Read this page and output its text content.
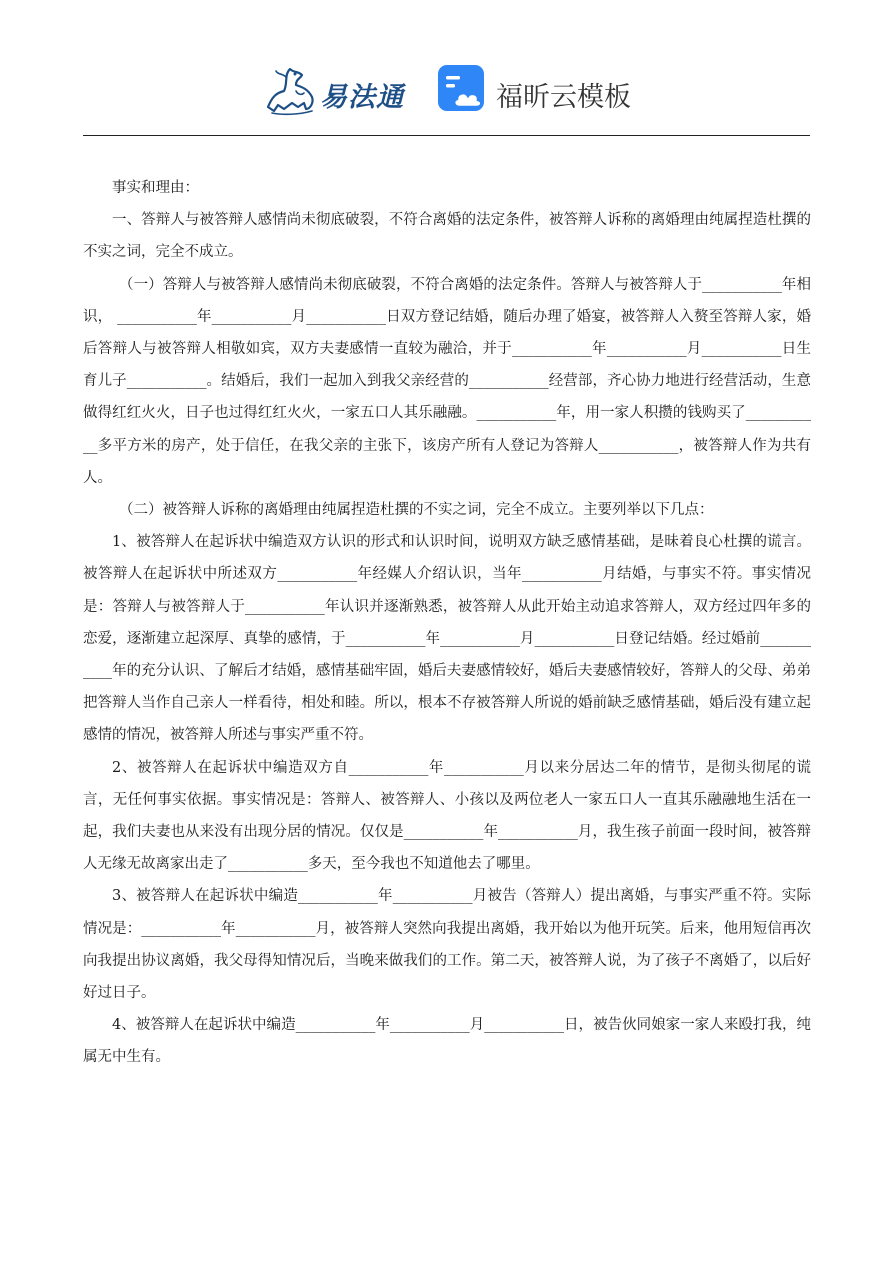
易法通	福昕云模板

事实和理由：

一、答辩人与被答辩人感情尚未彻底破裂，不符合离婚的法定条件，被答辩人诉称的离婚理由纯属捏造杜撰的不实之词，完全不成立。

（一）答辩人与被答辩人感情尚未彻底破裂，不符合离婚的法定条件。答辩人与被答辩人于___________年相识， ___________年___________月___________日双方登记结婚，随后办理了婚宴，被答辩人入赘至答辩人家，婚后答辩人与被答辩人相敬如宾，双方夫妻感情一直较为融洽，并于___________年___________月___________日生育儿子___________。结婚后，我们一起加入到我父亲经营的___________经营部，齐心协力地进行经营活动，生意做得红红火火，日子也过得红红火火，一家五口人其乐融融。___________年，用一家人积攒的钱购买了___________多平方米的房产，处于信任，在我父亲的主张下，该房产所有人登记为答辩人___________，被答辩人作为共有人。

（二）被答辩人诉称的离婚理由纯属捏造杜撰的不实之词，完全不成立。主要列举以下几点：

1、被答辩人在起诉状中编造双方认识的形式和认识时间，说明双方缺乏感情基础，是昧着良心杜撰的谎言。被答辩人在起诉状中所述双方___________年经媒人介绍认识，当年___________月结婚，与事实不符。事实情况是：答辩人与被答辩人于___________年认识并逐渐熟悉，被答辩人从此开始主动追求答辩人，双方经过四年多的恋爱，逐渐建立起深厚、真挚的感情，于___________年___________月___________日登记结婚。经过婚前___________年的充分认识、了解后才结婚，感情基础牢固，婚后夫妻感情较好，婚后夫妻感情较好，答辩人的父母、弟弟把答辩人当作自己亲人一样看待，相处和睦。所以，根本不存被答辩人所说的婚前缺乏感情基础，婚后没有建立起感情的情况，被答辩人所述与事实严重不符。

2、被答辩人在起诉状中编造双方自___________年___________月以来分居达二年的情节，是彻头彻尾的谎言，无任何事实依据。事实情况是：答辩人、被答辩人、小孩以及两位老人一家五口人一直其乐融融地生活在一起，我们夫妻也从来没有出现分居的情况。仅仅是___________年___________月，我生孩子前面一段时间，被答辩人无缘无故离家出走了___________多天，至今我也不知道他去了哪里。

3、被答辩人在起诉状中编造___________年___________月被告（答辩人）提出离婚，与事实严重不符。实际情况是：___________年___________月，被答辩人突然向我提出离婚，我开始以为他开玩笑。后来，他用短信再次向我提出协议离婚，我父母得知情况后，当晚来做我们的工作。第二天，被答辩人说，为了孩子不离婚了，以后好好过日子。

4、被答辩人在起诉状中编造___________年___________月___________日，被告伙同娘家一家人来殴打我，纯属无中生有。
